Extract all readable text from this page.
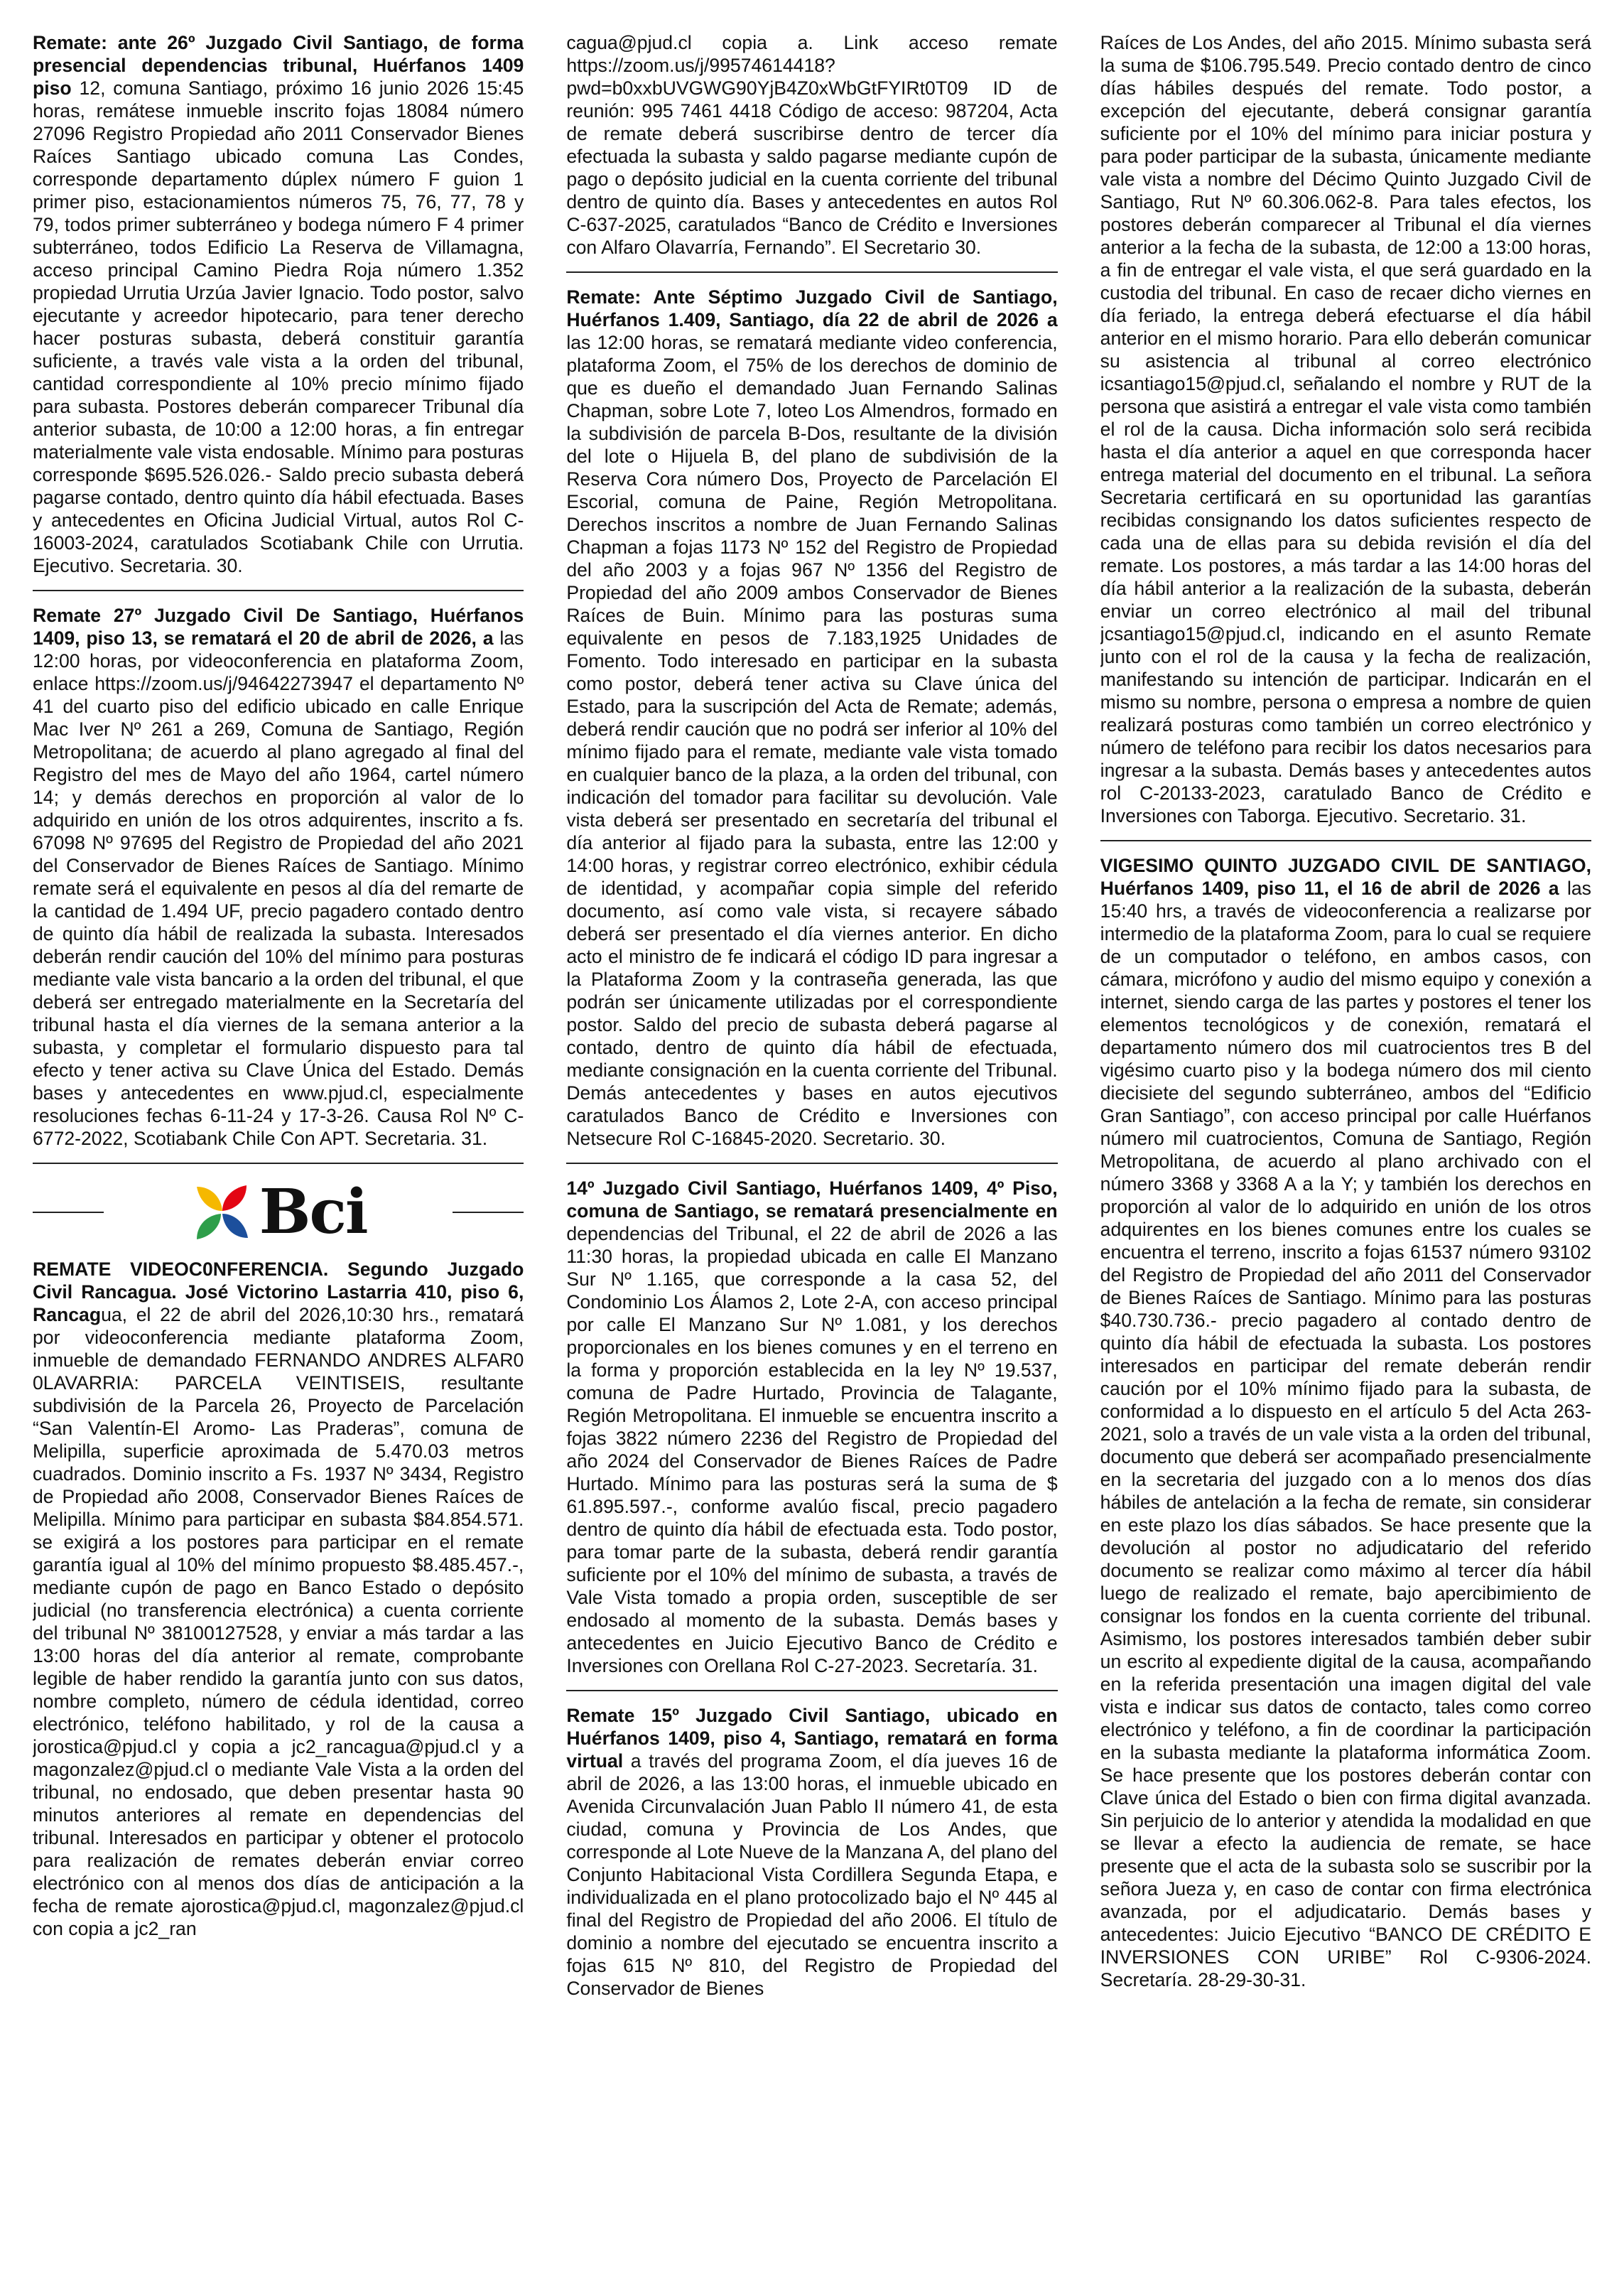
Remate: ante 26º Juzgado Civil Santiago, de forma presencial dependencias tribunal, Huérfanos 1409 piso 12, comuna Santiago, próximo 16 junio 2026 15:45 horas, remátese inmueble inscrito fojas 18084 número 27096 Registro Propiedad año 2011 Conservador Bienes Raíces Santiago ubicado comuna Las Condes, corresponde departamento dúplex número F guion 1 primer piso, estacionamientos números 75, 76, 77, 78 y 79, todos primer subterráneo y bodega número F 4 primer subterráneo, todos Edificio La Reserva de Villamagna, acceso principal Camino Piedra Roja número 1.352 propiedad Urrutia Urzúa Javier Ignacio. Todo postor, salvo ejecutante y acreedor hipotecario, para tener derecho hacer posturas subasta, deberá constituir garantía suficiente, a través vale vista a la orden del tribunal, cantidad correspondiente al 10% precio mínimo fijado para subasta. Postores deberán comparecer Tribunal día anterior subasta, de 10:00 a 12:00 horas, a fin entregar materialmente vale vista endosable. Mínimo para posturas corresponde $695.526.026.- Saldo precio subasta deberá pagarse contado, dentro quinto día hábil efectuada. Bases y antecedentes en Oficina Judicial Virtual, autos Rol C-16003-2024, caratulados Scotiabank Chile con Urrutia. Ejecutivo. Secretaria. 30.

Remate 27º Juzgado Civil De Santiago, Huérfanos 1409, piso 13, se rematará el 20 de abril de 2026, a las 12:00 horas, por videoconferencia en plataforma Zoom, enlace https://zoom.us/j/94642273947 el departamento Nº 41 del cuarto piso del edificio ubicado en calle Enrique Mac Iver Nº 261 a 269, Comuna de Santiago, Región Metropolitana; de acuerdo al plano agregado al final del Registro del mes de Mayo del año 1964, cartel número 14; y demás derechos en proporción al valor de lo adquirido en unión de los otros adquirentes, inscrito a fs. 67098 Nº 97695 del Registro de Propiedad del año 2021 del Conservador de Bienes Raíces de Santiago. Mínimo remate será el equivalente en pesos al día del remarte de la cantidad de 1.494 UF, precio pagadero contado dentro de quinto día hábil de realizada la subasta. Interesados deberán rendir caución del 10% del mínimo para posturas mediante vale vista bancario a la orden del tribunal, el que deberá ser entregado materialmente en la Secretaría del tribunal hasta el día viernes de la semana anterior a la subasta, y completar el formulario dispuesto para tal efecto y tener activa su Clave Única del Estado. Demás bases y antecedentes en www.pjud.cl, especialmente resoluciones fechas 6-11-24 y 17-3-26. Causa Rol Nº C-6772-2022, Scotiabank Chile Con APT. Secretaria. 31.

Bci

REMATE VIDEOC0NFERENCIA. Segundo Juzgado Civil Rancagua. José Victorino Lastarria 410, piso 6, Rancagua, el 22 de abril del 2026,10:30 hrs., rematará por videoconferencia mediante plataforma Zoom, inmueble de demandado FERNANDO ANDRES ALFAR0 0LAVARRIA: PARCELA VEINTISEIS, resultante subdivisión de la Parcela 26, Proyecto de Parcelación “San Valentín-El Aromo- Las Praderas”, comuna de Melipilla, superficie aproximada de 5.470.03 metros cuadrados. Dominio inscrito a Fs. 1937 Nº 3434, Registro de Propiedad año 2008, Conservador Bienes Raíces de Melipilla. Mínimo para participar en subasta $84.854.571. se exigirá a los postores para participar en el remate garantía igual al 10% del mínimo propuesto $8.485.457.-, mediante cupón de pago en Banco Estado o depósito judicial (no transferencia electrónica) a cuenta corriente del tribunal Nº 38100127528, y enviar a más tardar a las 13:00 horas del día anterior al remate, comprobante legible de haber rendido la garantía junto con sus datos, nombre completo, número de cédula identidad, correo electrónico, teléfono habilitado, y rol de la causa a jorostica@pjud.cl y copia a jc2_rancagua@pjud.cl y a magonzalez@pjud.cl o mediante Vale Vista a la orden del tribunal, no endosado, que deben presentar hasta 90 minutos anteriores al remate en dependencias del tribunal. Interesados en participar y obtener el protocolo para realización de remates deberán enviar correo electrónico con al menos dos días de anticipación a la fecha de remate ajorostica@pjud.cl, magonzalez@pjud.cl con copia a jc2_ran

cagua@pjud.cl copia a. Link acceso remate https://zoom.us/j/99574614418?pwd=b0xxbUVGWG90YjB4Z0xWbGtFYIRt0T09 ID de reunión: 995 7461 4418 Código de acceso: 987204, Acta de remate deberá suscribirse dentro de tercer día efectuada la subasta y saldo pagarse mediante cupón de pago o depósito judicial en la cuenta corriente del tribunal dentro de quinto día. Bases y antecedentes en autos Rol C-637-2025, caratulados “Banco de Crédito e Inversiones con Alfaro Olavarría, Fernando”. El Secretario 30.

Remate: Ante Séptimo Juzgado Civil de Santiago, Huérfanos 1.409, Santiago, día 22 de abril de 2026 a las 12:00 horas, se rematará mediante video conferencia, plataforma Zoom, el 75% de los derechos de dominio de que es dueño el demandado Juan Fernando Salinas Chapman, sobre Lote 7, loteo Los Almendros, formado en la subdivisión de parcela B-Dos, resultante de la división del lote o Hijuela B, del plano de subdivisión de la Reserva Cora número Dos, Proyecto de Parcelación El Escorial, comuna de Paine, Región Metropolitana. Derechos inscritos a nombre de Juan Fernando Salinas Chapman a fojas 1173 Nº 152 del Registro de Propiedad del año 2003 y a fojas 967 Nº 1356 del Registro de Propiedad del año 2009 ambos Conservador de Bienes Raíces de Buin. Mínimo para las posturas suma equivalente en pesos de 7.183,1925 Unidades de Fomento. Todo interesado en participar en la subasta como postor, deberá tener activa su Clave única del Estado, para la suscripción del Acta de Remate; además, deberá rendir caución que no podrá ser inferior al 10% del mínimo fijado para el remate, mediante vale vista tomado en cualquier banco de la plaza, a la orden del tribunal, con indicación del tomador para facilitar su devolución. Vale vista deberá ser presentado en secretaría del tribunal el día anterior al fijado para la subasta, entre las 12:00 y 14:00 horas, y registrar correo electrónico, exhibir cédula de identidad, y acompañar copia simple del referido documento, así como vale vista, si recayere sábado deberá ser presentado el día viernes anterior. En dicho acto el ministro de fe indicará el código ID para ingresar a la Plataforma Zoom y la contraseña generada, las que podrán ser únicamente utilizadas por el correspondiente postor. Saldo del precio de subasta deberá pagarse al contado, dentro de quinto día hábil de efectuada, mediante consignación en la cuenta corriente del Tribunal. Demás antecedentes y bases en autos ejecutivos caratulados Banco de Crédito e Inversiones con Netsecure Rol C-16845-2020. Secretario. 30.

14º Juzgado Civil Santiago, Huérfanos 1409, 4º Piso, comuna de Santiago, se rematará presencialmente en dependencias del Tribunal, el 22 de abril de 2026 a las 11:30 horas, la propiedad ubicada en calle El Manzano Sur Nº 1.165, que corresponde a la casa 52, del Condominio Los Álamos 2, Lote 2-A, con acceso principal por calle El Manzano Sur Nº 1.081, y los derechos proporcionales en los bienes comunes y en el terreno en la forma y proporción establecida en la ley Nº 19.537, comuna de Padre Hurtado, Provincia de Talagante, Región Metropolitana. El inmueble se encuentra inscrito a fojas 3822 número 2236 del Registro de Propiedad del año 2024 del Conservador de Bienes Raíces de Padre Hurtado. Mínimo para las posturas será la suma de $ 61.895.597.-, conforme avalúo fiscal, precio pagadero dentro de quinto día hábil de efectuada esta. Todo postor, para tomar parte de la subasta, deberá rendir garantía suficiente por el 10% del mínimo de subasta, a través de Vale Vista tomado a propia orden, susceptible de ser endosado al momento de la subasta. Demás bases y antecedentes en Juicio Ejecutivo Banco de Crédito e Inversiones con Orellana Rol C-27-2023. Secretaría. 31.

Remate 15º Juzgado Civil Santiago, ubicado en Huérfanos 1409, piso 4, Santiago, rematará en forma virtual a través del programa Zoom, el día jueves 16 de abril de 2026, a las 13:00 horas, el inmueble ubicado en Avenida Circunvalación Juan Pablo II número 41, de esta ciudad, comuna y Provincia de Los Andes, que corresponde al Lote Nueve de la Manzana A, del plano del Conjunto Habitacional Vista Cordillera Segunda Etapa, e individualizada en el plano protocolizado bajo el Nº 445 al final del Registro de Propiedad del año 2006. El título de dominio a nombre del ejecutado se encuentra inscrito a fojas 615 Nº 810, del Registro de Propiedad del Conservador de Bienes

Raíces de Los Andes, del año 2015. Mínimo subasta será la suma de $106.795.549. Precio contado dentro de cinco días hábiles después del remate. Todo postor, a excepción del ejecutante, deberá consignar garantía suficiente por el 10% del mínimo para iniciar postura y para poder participar de la subasta, únicamente mediante vale vista a nombre del Décimo Quinto Juzgado Civil de Santiago, Rut Nº 60.306.062-8. Para tales efectos, los postores deberán comparecer al Tribunal el día viernes anterior a la fecha de la subasta, de 12:00 a 13:00 horas, a fin de entregar el vale vista, el que será guardado en la custodia del tribunal. En caso de recaer dicho viernes en día feriado, la entrega deberá efectuarse el día hábil anterior en el mismo horario. Para ello deberán comunicar su asistencia al tribunal al correo electrónico icsantiago15@pjud.cl, señalando el nombre y RUT de la persona que asistirá a entregar el vale vista como también el rol de la causa. Dicha información solo será recibida hasta el día anterior a aquel en que corresponda hacer entrega material del documento en el tribunal. La señora Secretaria certificará en su oportunidad las garantías recibidas consignando los datos suficientes respecto de cada una de ellas para su debida revisión el día del remate. Los postores, a más tardar a las 14:00 horas del día hábil anterior a la realización de la subasta, deberán enviar un correo electrónico al mail del tribunal jcsantiago15@pjud.cl, indicando en el asunto Remate junto con el rol de la causa y la fecha de realización, manifestando su intención de participar. Indicarán en el mismo su nombre, persona o empresa a nombre de quien realizará posturas como también un correo electrónico y número de teléfono para recibir los datos necesarios para ingresar a la subasta. Demás bases y antecedentes autos rol C-20133-2023, caratulado Banco de Crédito e Inversiones con Taborga. Ejecutivo. Secretario. 31.

VIGESIMO QUINTO JUZGADO CIVIL DE SANTIAGO, Huérfanos 1409, piso 11, el 16 de abril de 2026 a las 15:40 hrs, a través de videoconferencia a realizarse por intermedio de la plataforma Zoom, para lo cual se requiere de un computador o teléfono, en ambos casos, con cámara, micrófono y audio del mismo equipo y conexión a internet, siendo carga de las partes y postores el tener los elementos tecnológicos y de conexión, rematará el departamento número dos mil cuatrocientos tres B del vigésimo cuarto piso y la bodega número dos mil ciento diecisiete del segundo subterráneo, ambos del “Edificio Gran Santiago”, con acceso principal por calle Huérfanos número mil cuatrocientos, Comuna de Santiago, Región Metropolitana, de acuerdo al plano archivado con el número 3368 y 3368 A a la Y; y también los derechos en proporción al valor de lo adquirido en unión de los otros adquirentes en los bienes comunes entre los cuales se encuentra el terreno, inscrito a fojas 61537 número 93102 del Registro de Propiedad del año 2011 del Conservador de Bienes Raíces de Santiago. Mínimo para las posturas $40.730.736.- precio pagadero al contado dentro de quinto día hábil de efectuada la subasta. Los postores interesados en participar del remate deberán rendir caución por el 10% mínimo fijado para la subasta, de conformidad a lo dispuesto en el artículo 5 del Acta 263-2021, solo a través de un vale vista a la orden del tribunal, documento que deberá ser acompañado presencialmente en la secretaria del juzgado con a lo menos dos días hábiles de antelación a la fecha de remate, sin considerar en este plazo los días sábados. Se hace presente que la devolución al postor no adjudicatario del referido documento se realizar como máximo al tercer día hábil luego de realizado el remate, bajo apercibimiento de consignar los fondos en la cuenta corriente del tribunal. Asimismo, los postores interesados también deber subir un escrito al expediente digital de la causa, acompañando en la referida presentación una imagen digital del vale vista e indicar sus datos de contacto, tales como correo electrónico y teléfono, a fin de coordinar la participación en la subasta mediante la plataforma informática Zoom. Se hace presente que los postores deberán contar con Clave única del Estado o bien con firma digital avanzada. Sin perjuicio de lo anterior y atendida la modalidad en que se llevar a efecto la audiencia de remate, se hace presente que el acta de la subasta solo se suscribir por la señora Jueza y, en caso de contar con firma electrónica avanzada, por el adjudicatario. Demás bases y antecedentes: Juicio Ejecutivo “BANCO DE CRÉDITO E INVERSIONES CON URIBE” Rol C-9306-2024. Secretaría. 28-29-30-31.
